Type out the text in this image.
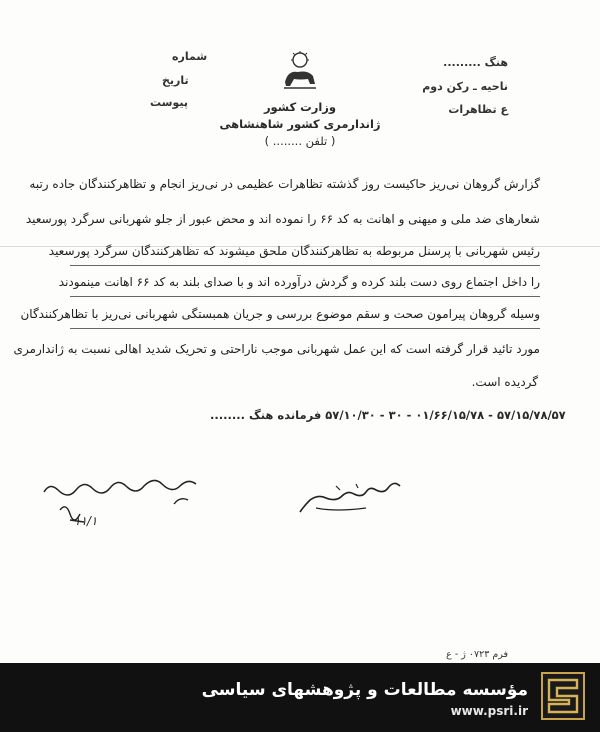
شماره
تاریخ
پیوست	وزارت کشور
ژاندارمری کشور شاهنشاهی
( تلفن ........ )
هنگ .........
ناحیه ـ رکن دوم
ع تظاهرات
گزارش گروهان نی‌ریز حاکیست روز گذشته تظاهرات عظیمی در نی‌ریز انجام و تظاهرکنندگان جاده رتبه
شعارهای ضد ملی و میهنی و اهانت به کد ۶۶ را نموده اند و محض عبور از جلو شهربانی سرگرد پورسعید
رئیس شهربانی با پرسنل مربوطه به تظاهرکنندگان ملحق میشوند که تظاهرکنندگان سرگرد پورسعید
را داخل اجتماع روی دست بلند کرده و گردش درآورده اند و با صدای بلند به کد ۶۶ اهانت مینمودند
وسیله گروهان پیرامون صحت و سقم موضوع بررسی و جریان همبستگی شهربانی نی‌ریز با تظاهرکنندگان
مورد تائید قرار گرفته است که این عمل شهربانی موجب ناراحتی و تحریک شدید اهالی نسبت به ژاندارمری
گردیده است.
۵۷/۱۵/۷۸/۵۷ - ۰۱/۶۶/۱۵/۷۸ - ۳۰ - ۵۷/۱۰/۳۰ فرمانده هنگ ........
۱۱/۱
فرم ۰۷۲۳ ژ - ع
مؤسسه مطالعات و پژوهشهای سیاسی
www.psri.ir
